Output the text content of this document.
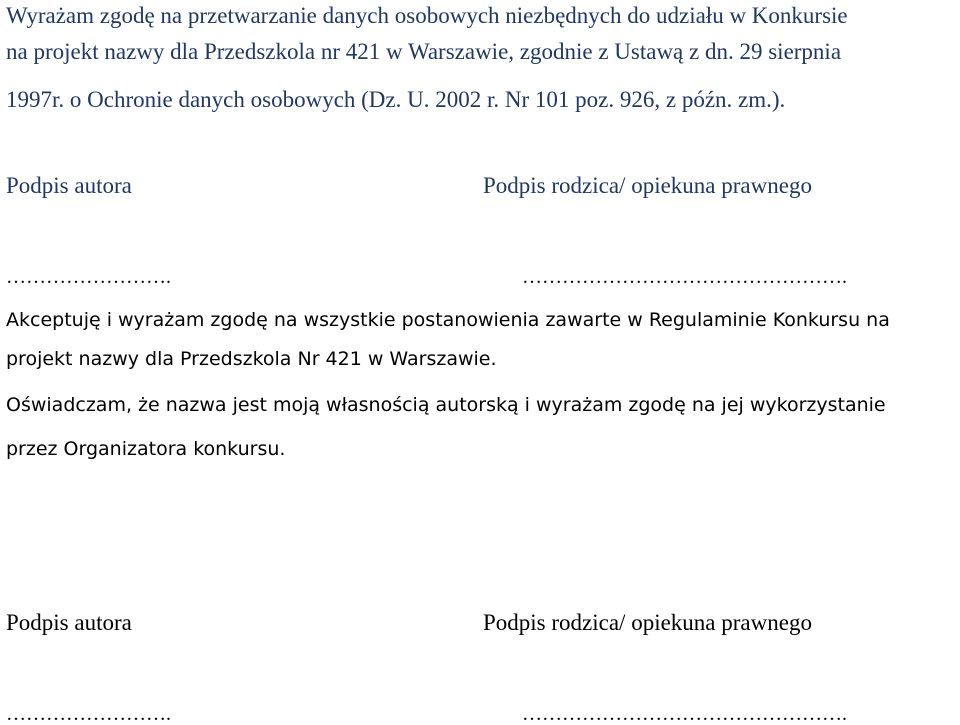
Wyrażam zgodę na przetwarzanie danych osobowych niezbędnych do udziału w Konkursie

na projekt nazwy dla Przedszkola nr 421 w Warszawie, zgodnie z Ustawą z dn. 29 sierpnia

1997r. o Ochronie danych osobowych (Dz. U. 2002 r. Nr 101 poz. 926, z późn. zm.).

Podpis autora	Podpis rodzica/ opiekuna prawnego
…………………….	………………………………………….

Akceptuję i wyrażam zgodę na wszystkie postanowienia zawarte w Regulaminie Konkursu na

projekt nazwy dla Przedszkola Nr 421 w Warszawie.

Oświadczam, że nazwa jest moją własnością autorską i wyrażam zgodę na jej wykorzystanie

przez Organizatora konkursu.

Podpis autora	Podpis rodzica/ opiekuna prawnego
…………………….	………………………………………….
